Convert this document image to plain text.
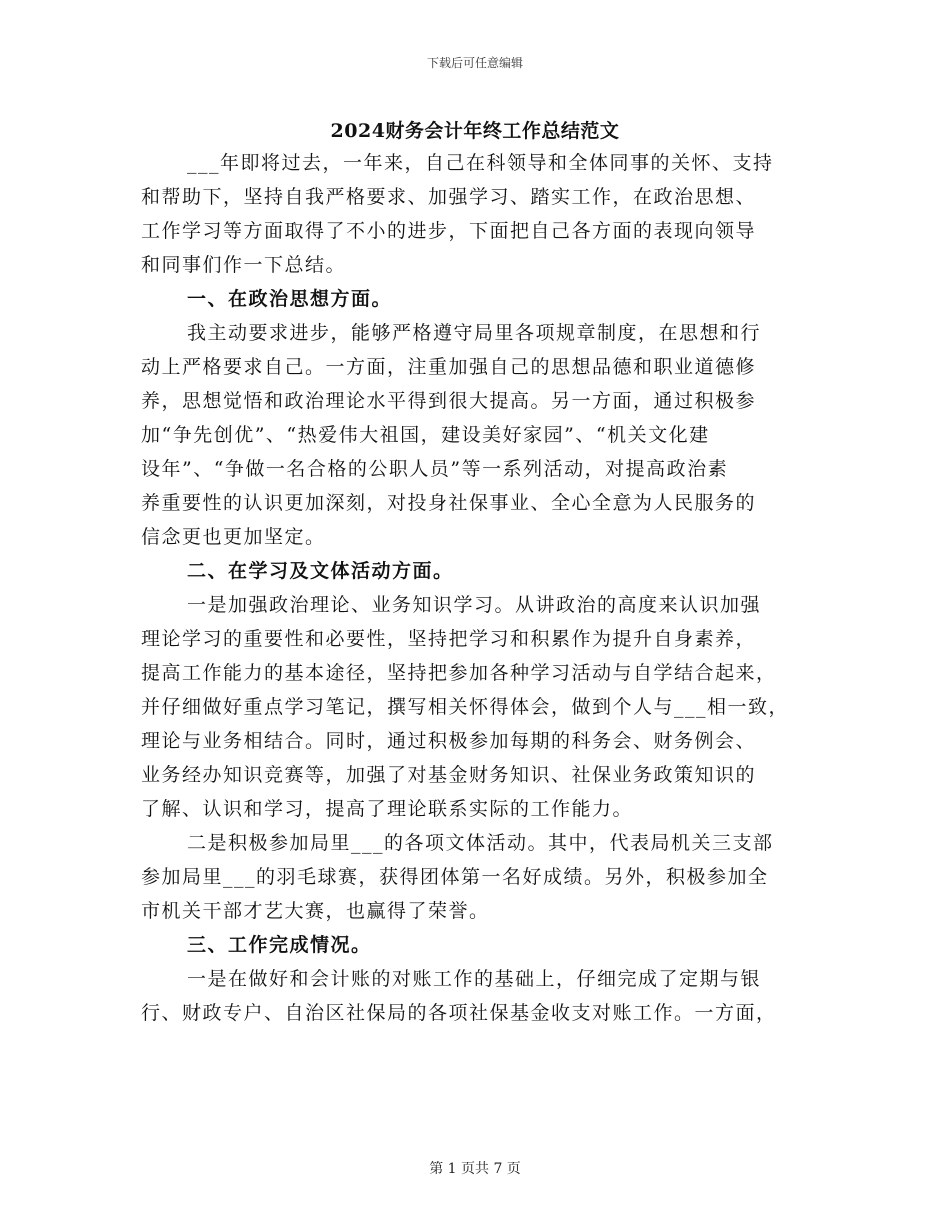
下载后可任意编辑
2024财务会计年终工作总结范文
___年即将过去，一年来，自己在科领导和全体同事的关怀、支持
和帮助下，坚持自我严格要求、加强学习、踏实工作，在政治思想、
工作学习等方面取得了不小的进步，下面把自己各方面的表现向领导
和同事们作一下总结。
一、在政治思想方面。
我主动要求进步，能够严格遵守局里各项规章制度，在思想和行
动上严格要求自己。一方面，注重加强自己的思想品德和职业道德修
养，思想觉悟和政治理论水平得到很大提高。另一方面，通过积极参
加“争先创优”、“热爱伟大祖国，建设美好家园”、“机关文化建
设年”、“争做一名合格的公职人员”等一系列活动，对提高政治素
养重要性的认识更加深刻，对投身社保事业、全心全意为人民服务的
信念更也更加坚定。
二、在学习及文体活动方面。
一是加强政治理论、业务知识学习。从讲政治的高度来认识加强
理论学习的重要性和必要性，坚持把学习和积累作为提升自身素养，
提高工作能力的基本途径，坚持把参加各种学习活动与自学结合起来，
并仔细做好重点学习笔记，撰写相关怀得体会，做到个人与___相一致，
理论与业务相结合。同时，通过积极参加每期的科务会、财务例会、
业务经办知识竞赛等，加强了对基金财务知识、社保业务政策知识的
了解、认识和学习，提高了理论联系实际的工作能力。
二是积极参加局里___的各项文体活动。其中，代表局机关三支部
参加局里___的羽毛球赛，获得团体第一名好成绩。另外，积极参加全
市机关干部才艺大赛，也赢得了荣誉。
三、工作完成情况。
一是在做好和会计账的对账工作的基础上，仔细完成了定期与银
行、财政专户、自治区社保局的各项社保基金收支对账工作。一方面，
第 1 页共 7 页
